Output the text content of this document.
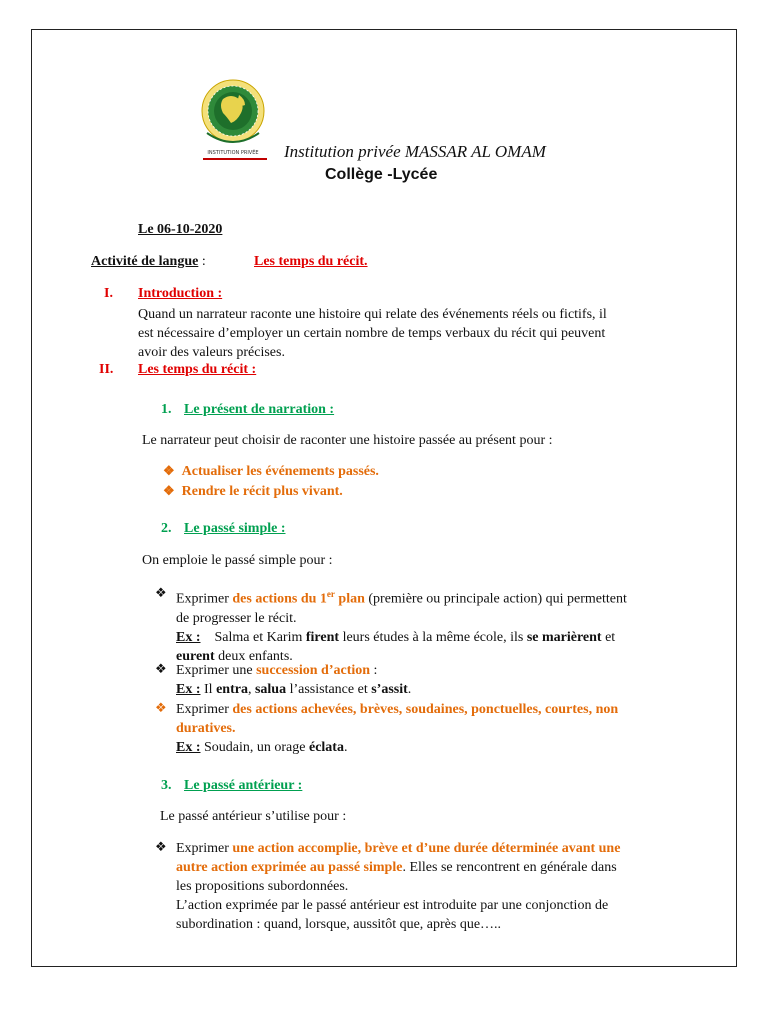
INSTITUTION PRIVÉE Institution privée MASSAR AL OMAM
Collège -Lycée
Le 06-10-2020
Activité de langue :	Les temps du récit.
I. Introduction :
Quand un narrateur raconte une histoire qui relate des événements réels ou fictifs, il
est nécessaire d’employer un certain nombre de temps verbaux du récit qui peuvent
avoir des valeurs précises.
II. Les temps du récit :
1. Le présent de narration :
Le narrateur peut choisir de raconter une histoire passée au présent pour :
❖ Actualiser les événements passés.
❖ Rendre le récit plus vivant.
2. Le passé simple :
On emploie le passé simple pour :
❖ Exprimer des actions du 1er plan (première ou principale action) qui permettent
de progresser le récit.
Ex :    Salma et Karim firent leurs études à la même école, ils se marièrent et
eurent deux enfants.
❖ Exprimer une succession d’action :
Ex : Il entra, salua l’assistance et s’assit.
❖ Exprimer des actions achevées, brèves, soudaines, ponctuelles, courtes, non
duratives.
Ex : Soudain, un orage éclata.
3. Le passé antérieur :
Le passé antérieur s’utilise pour :
❖ Exprimer une action accomplie, brève et d’une durée déterminée avant une
autre action exprimée au passé simple. Elles se rencontrent en générale dans
les propositions subordonnées.
L’action exprimée par le passé antérieur est introduite par une conjonction de
subordination : quand, lorsque, aussitôt que, après que…..
